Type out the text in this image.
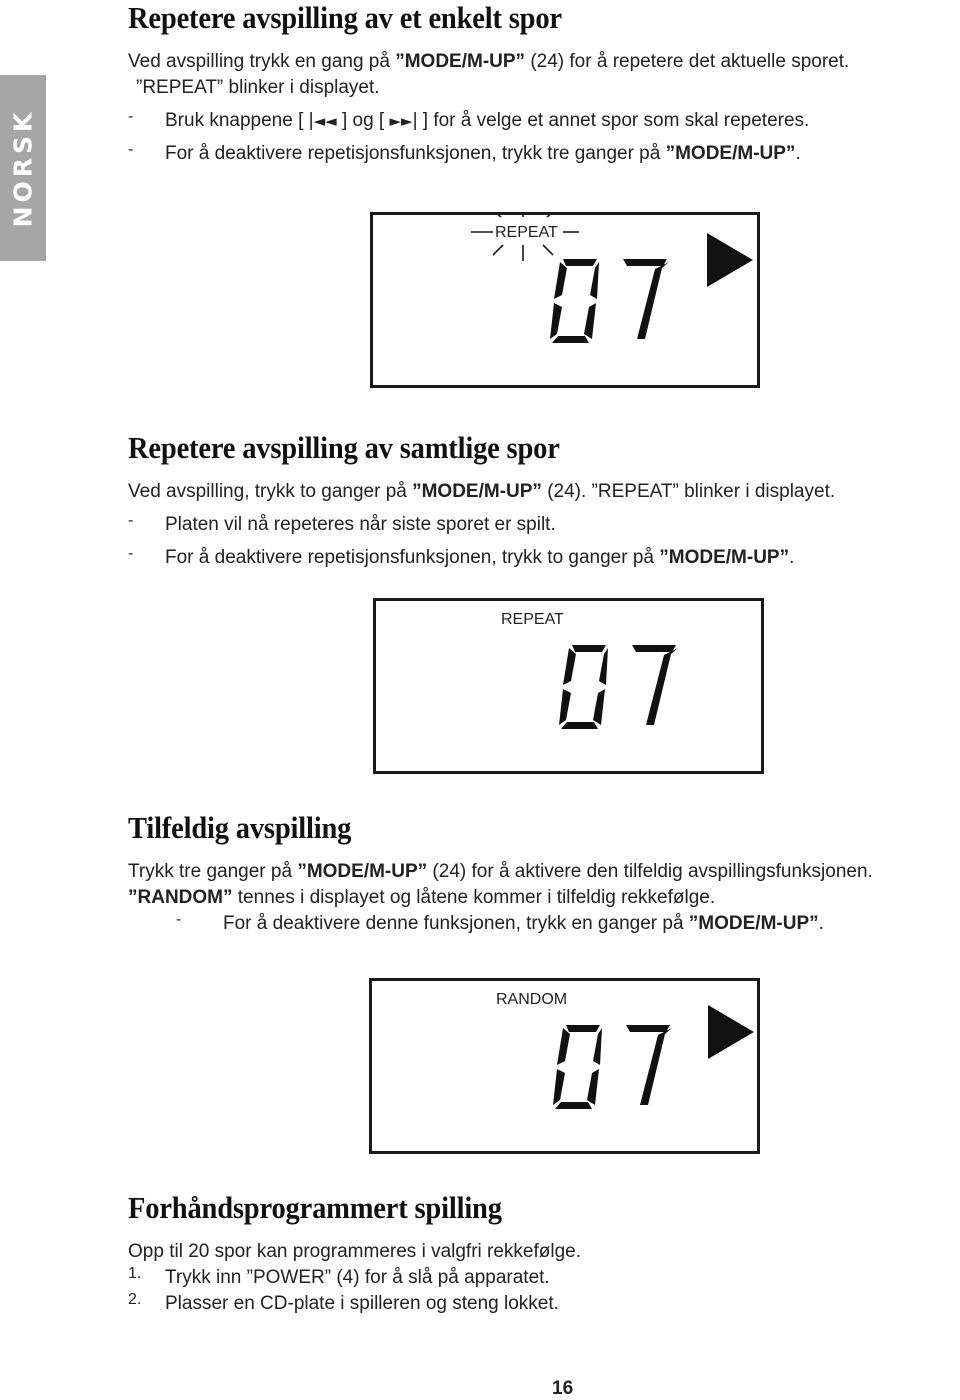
NORSK
Repetere avspilling av et enkelt spor

Ved avspilling trykk en gang på ”MODE/M-UP” (24) for å repetere det aktuelle sporet.

”REPEAT” blinker i displayet.

-	Bruk knappene [ |◄◄ ] og [ ►►| ] for å velge et annet spor som skal repeteres.

-	For å deaktivere repetisjonsfunksjonen, trykk tre ganger på ”MODE/M-UP”.

REPEAT
Repetere avspilling av samtlige spor

Ved avspilling, trykk to ganger på ”MODE/M-UP” (24). ”REPEAT” blinker i displayet.

-	Platen vil nå repeteres når siste sporet er spilt.

-	For å deaktivere repetisjonsfunksjonen, trykk to ganger på ”MODE/M-UP”.

REPEAT
Tilfeldig avspilling

Trykk tre ganger på ”MODE/M-UP” (24) for å aktivere den tilfeldig avspillingsfunksjonen.

”RANDOM” tennes i displayet og låtene kommer i tilfeldig rekkefølge.

-	For å deaktivere denne funksjonen, trykk en ganger på ”MODE/M-UP”.

RANDOM
Forhåndsprogrammert spilling

Opp til 20 spor kan programmeres i valgfri rekkefølge.

1.	Trykk inn ”POWER” (4) for å slå på apparatet.

2.	Plasser en CD-plate i spilleren og steng lokket.

16
